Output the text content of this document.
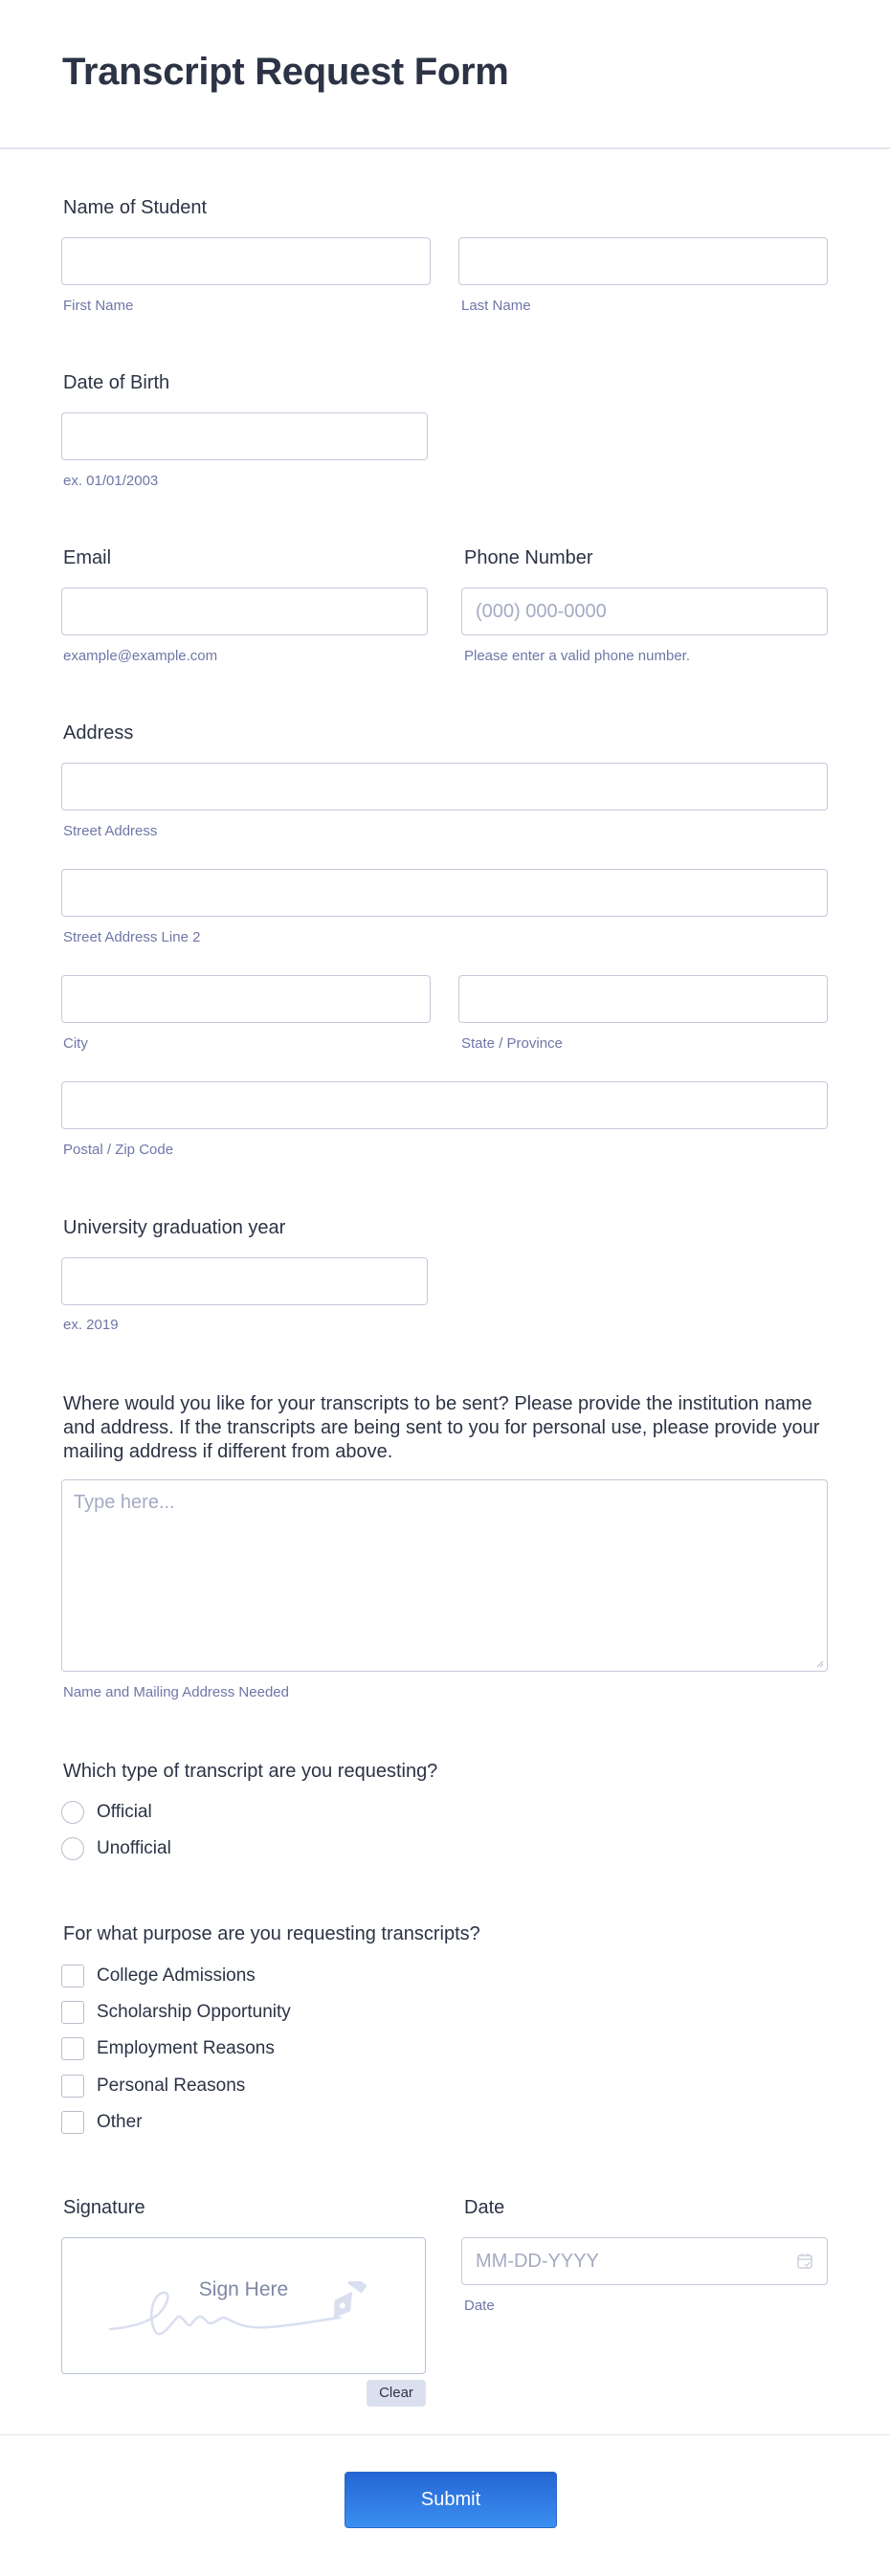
Transcript Request Form
Name of Student
First Name	Last Name
Date of Birth
ex. 01/01/2003
Email
example@example.com
Phone Number
(000) 000-0000
Please enter a valid phone number.
Address
Street Address
Street Address Line 2
City	State / Province
Postal / Zip Code
University graduation year
ex. 2019
Where would you like for your transcripts to be sent? Please provide the institution name and address. If the transcripts are being sent to you for personal use, please provide your mailing address if different from above.
Type here...
Name and Mailing Address Needed
Which type of transcript are you requesting?
Official
Unofficial
For what purpose are you requesting transcripts?
College Admissions
Scholarship Opportunity
Employment Reasons
Personal Reasons
Other
Signature
Sign Here
Clear
Date
MM-DD-YYYY
Date
Submit
